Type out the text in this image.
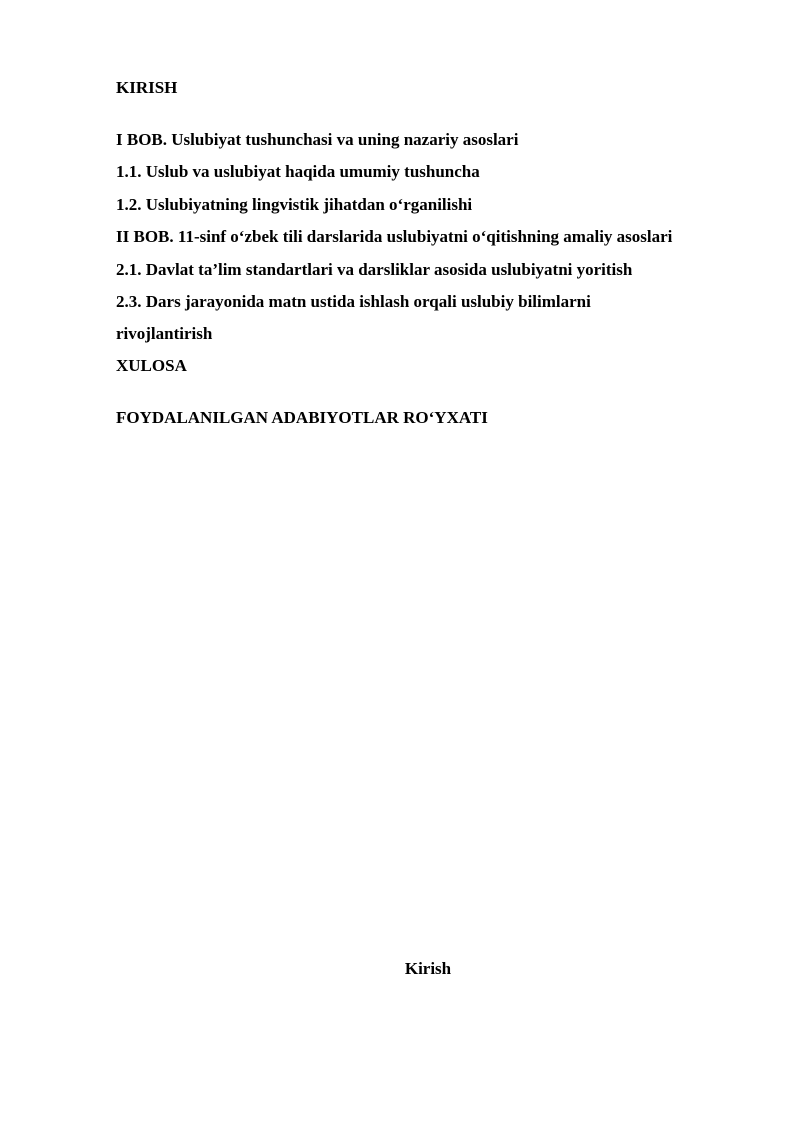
KIRISH
I BOB. Uslubiyat tushunchasi va uning nazariy asoslari
1.1. Uslub va uslubiyat haqida umumiy tushuncha
1.2. Uslubiyatning lingvistik jihatdan o‘rganilishi
II BOB. 11-sinf o‘zbek tili darslarida uslubiyatni o‘qitishning amaliy asoslari
2.1. Davlat ta’lim standartlari va darsliklar asosida uslubiyatni yoritish
2.3. Dars jarayonida matn ustida ishlash orqali uslubiy bilimlarni
rivojlantirish
XULOSA
FOYDALANILGAN ADABIYOTLAR RO‘YXATI
Kirish
